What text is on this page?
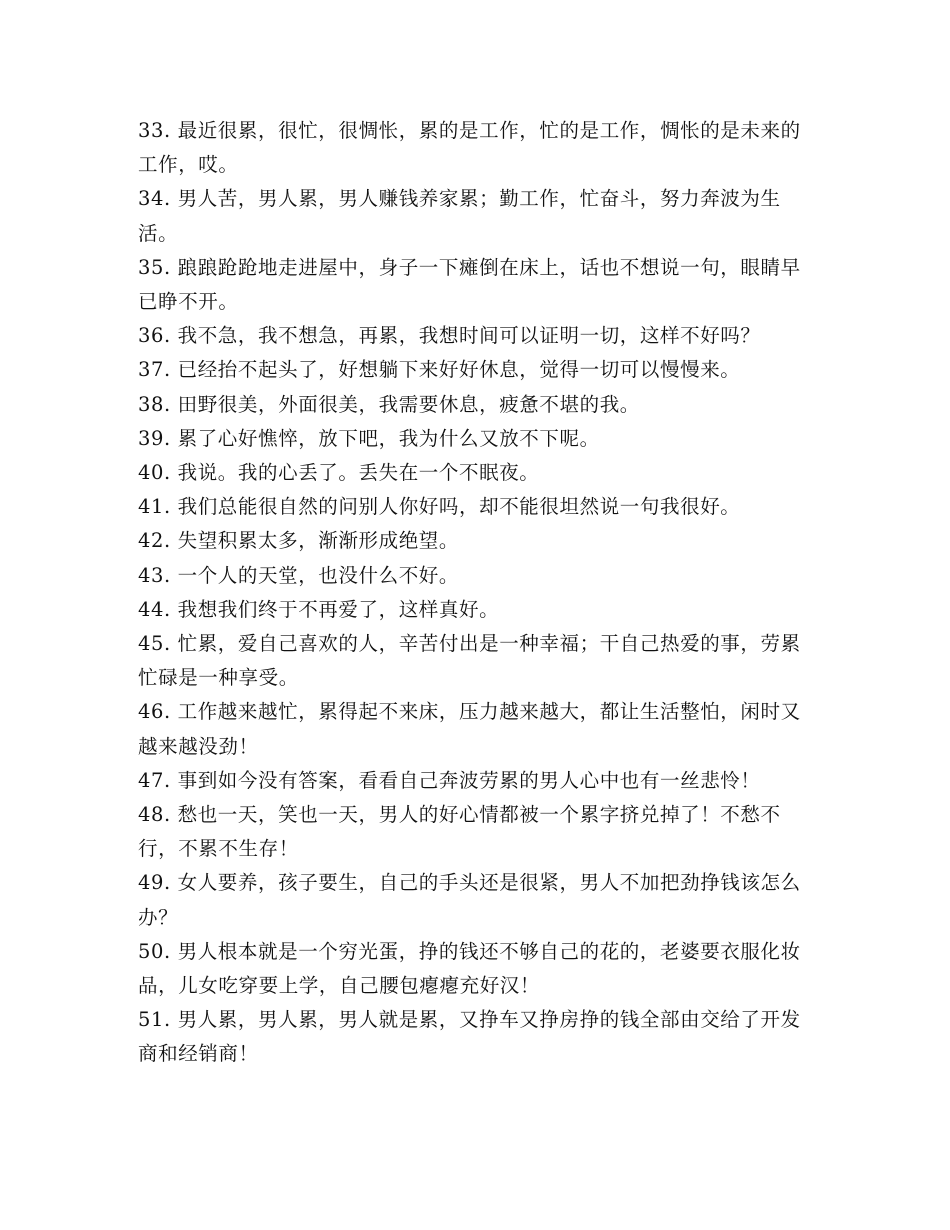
33. 最近很累，很忙，很惆怅，累的是工作，忙的是工作，惆怅的是未来的工作，哎。

34. 男人苦，男人累，男人赚钱养家累；勤工作，忙奋斗，努力奔波为生活。

35. 踉踉跄跄地走进屋中，身子一下瘫倒在床上，话也不想说一句，眼睛早已睁不开。

36. 我不急，我不想急，再累，我想时间可以证明一切，这样不好吗？

37. 已经抬不起头了，好想躺下来好好休息，觉得一切可以慢慢来。

38. 田野很美，外面很美，我需要休息，疲惫不堪的我。

39. 累了心好憔悴，放下吧，我为什么又放不下呢。

40. 我说。我的心丢了。丢失在一个不眠夜。

41. 我们总能很自然的问别人你好吗，却不能很坦然说一句我很好。

42. 失望积累太多，渐渐形成绝望。

43. 一个人的天堂，也没什么不好。

44. 我想我们终于不再爱了，这样真好。

45. 忙累，爱自己喜欢的人，辛苦付出是一种幸福；干自己热爱的事，劳累忙碌是一种享受。

46. 工作越来越忙，累得起不来床，压力越来越大，都让生活整怕，闲时又越来越没劲！

47. 事到如今没有答案，看看自己奔波劳累的男人心中也有一丝悲怜！

48. 愁也一天，笑也一天，男人的好心情都被一个累字挤兑掉了！不愁不行，不累不生存！

49. 女人要养，孩子要生，自己的手头还是很紧，男人不加把劲挣钱该怎么办？

50. 男人根本就是一个穷光蛋，挣的钱还不够自己的花的，老婆要衣服化妆品，儿女吃穿要上学，自己腰包瘪瘪充好汉！

51. 男人累，男人累，男人就是累，又挣车又挣房挣的钱全部由交给了开发商和经销商！
